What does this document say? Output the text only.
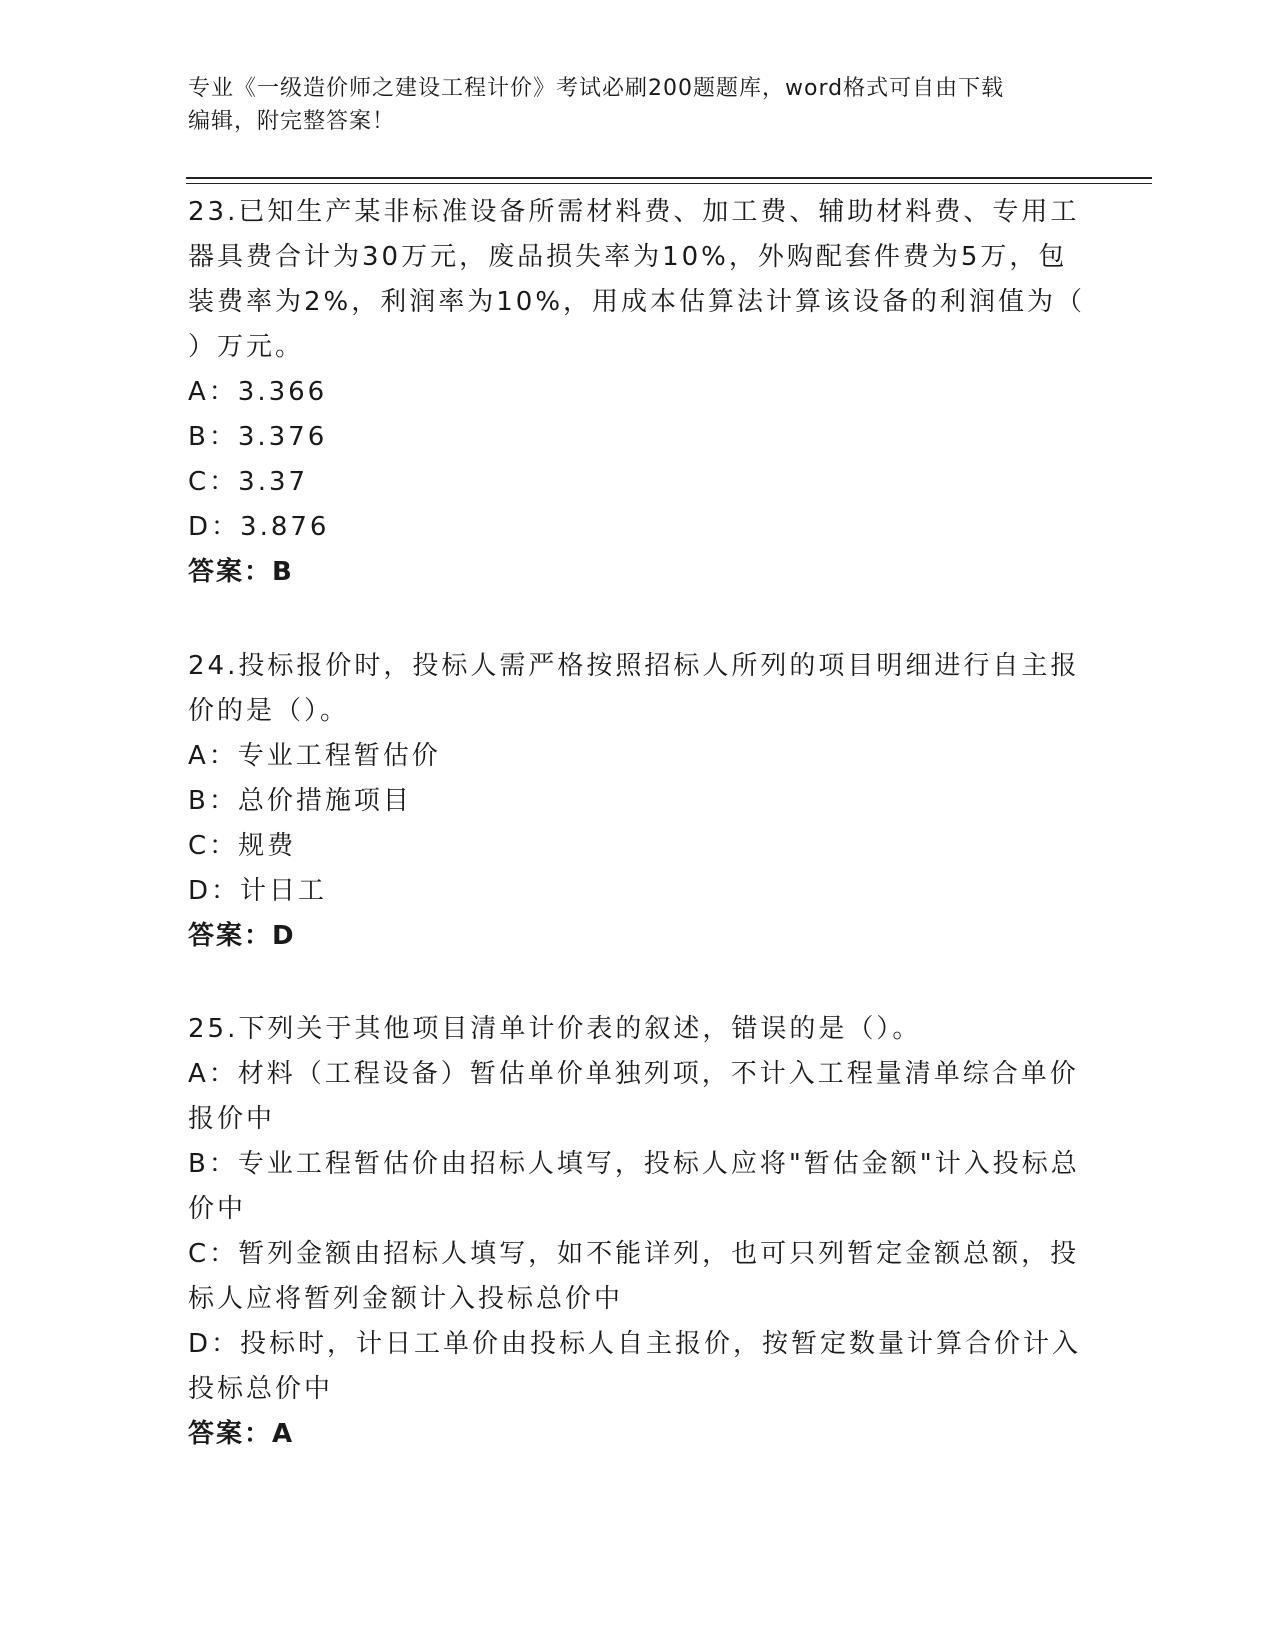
专业《一级造价师之建设工程计价》考试必刷200题题库，word格式可自由下载
编辑，附完整答案！
23.已知生产某非标准设备所需材料费、加工费、辅助材料费、专用工
器具费合计为30万元，废品损失率为10%，外购配套件费为5万，包
装费率为2%，利润率为10%，用成本估算法计算该设备的利润值为（
）万元。
A：3.366
B：3.376
C：3.37
D：3.876
答案：B
24.投标报价时，投标人需严格按照招标人所列的项目明细进行自主报
价的是（）。
A：专业工程暂估价
B：总价措施项目
C：规费
D：计日工
答案：D
25.下列关于其他项目清单计价表的叙述，错误的是（）。
A：材料（工程设备）暂估单价单独列项，不计入工程量清单综合单价
报价中
B：专业工程暂估价由招标人填写，投标人应将"暂估金额"计入投标总
价中
C：暂列金额由招标人填写，如不能详列，也可只列暂定金额总额，投
标人应将暂列金额计入投标总价中
D：投标时，计日工单价由投标人自主报价，按暂定数量计算合价计入
投标总价中
答案：A
